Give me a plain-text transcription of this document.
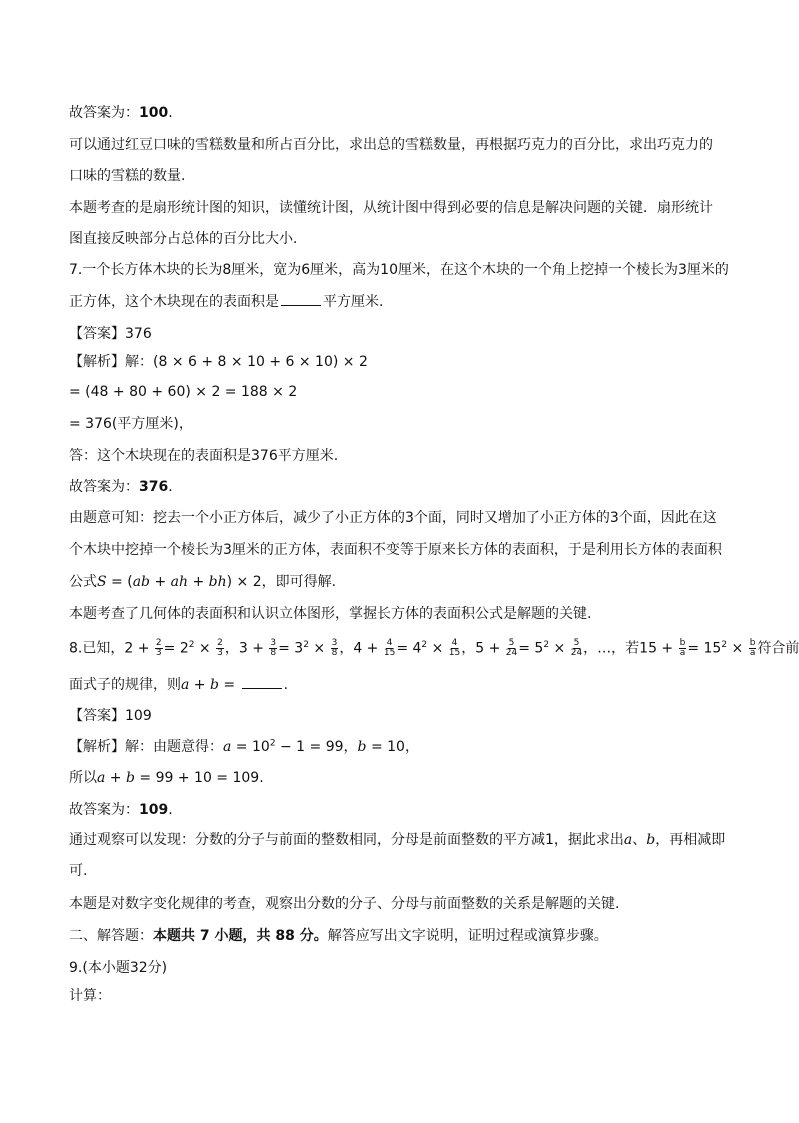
故答案为：100.
可以通过红豆口味的雪糕数量和所占百分比，求出总的雪糕数量，再根据巧克力的百分比，求出巧克力的
口味的雪糕的数量.
本题考查的是扇形统计图的知识，读懂统计图，从统计图中得到必要的信息是解决问题的关键．扇形统计
图直接反映部分占总体的百分比大小.
7.一个长方体木块的长为8厘米，宽为6厘米，高为10厘米，在这个木块的一个角上挖掉一个棱长为3厘米的
正方体，这个木块现在的表面积是	平方厘米.
【答案】376
【解析】解：(8 × 6 + 8 × 10 + 6 × 10) × 2
= (48 + 80 + 60) × 2 = 188 × 2
= 376(平方厘米)，
答：这个木块现在的表面积是376平方厘米.
故答案为：376.
由题意可知：挖去一个小正方体后，减少了小正方体的3个面，同时又增加了小正方体的3个面，因此在这
个木块中挖掉一个棱长为3厘米的正方体，表面积不变等于原来长方体的表面积，于是利用长方体的表面积
公式S = (ab + ah + bh) × 2，即可得解.
本题考查了几何体的表面积和认识立体图形，掌握长方体的表面积公式是解题的关键.
8.已知，$2 + \frac{2}{3} = 2^2 \times \frac{2}{3}$ ，$3 + \frac{3}{8} = 3^2 \times \frac{3}{8}$ ，$4 + \frac{4}{15} = 4^2 \times \frac{4}{15}$ ，$5 + \frac{5}{24} = 5^2 \times \frac{5}{24}$ ，…，若$15 + \frac{b}{a} = 15^2 \times \frac{b}{a}$ 符合前
面式子的规律，则a + b =	.
【答案】109
【解析】解：由题意得：$a = 10^2 - 1 = 99$，b = 10，
所以a + b = 99 + 10 = 109.
故答案为：109.
通过观察可以发现：分数的分子与前面的整数相同，分母是前面整数的平方减1，据此求出a、b，再相减即
可.
本题是对数字变化规律的考查，观察出分数的分子、分母与前面整数的关系是解题的关键.
二、解答题：本题共 7 小题，共 88 分。解答应写出文字说明，证明过程或演算步骤。
9.(本小题32分)
计算：
